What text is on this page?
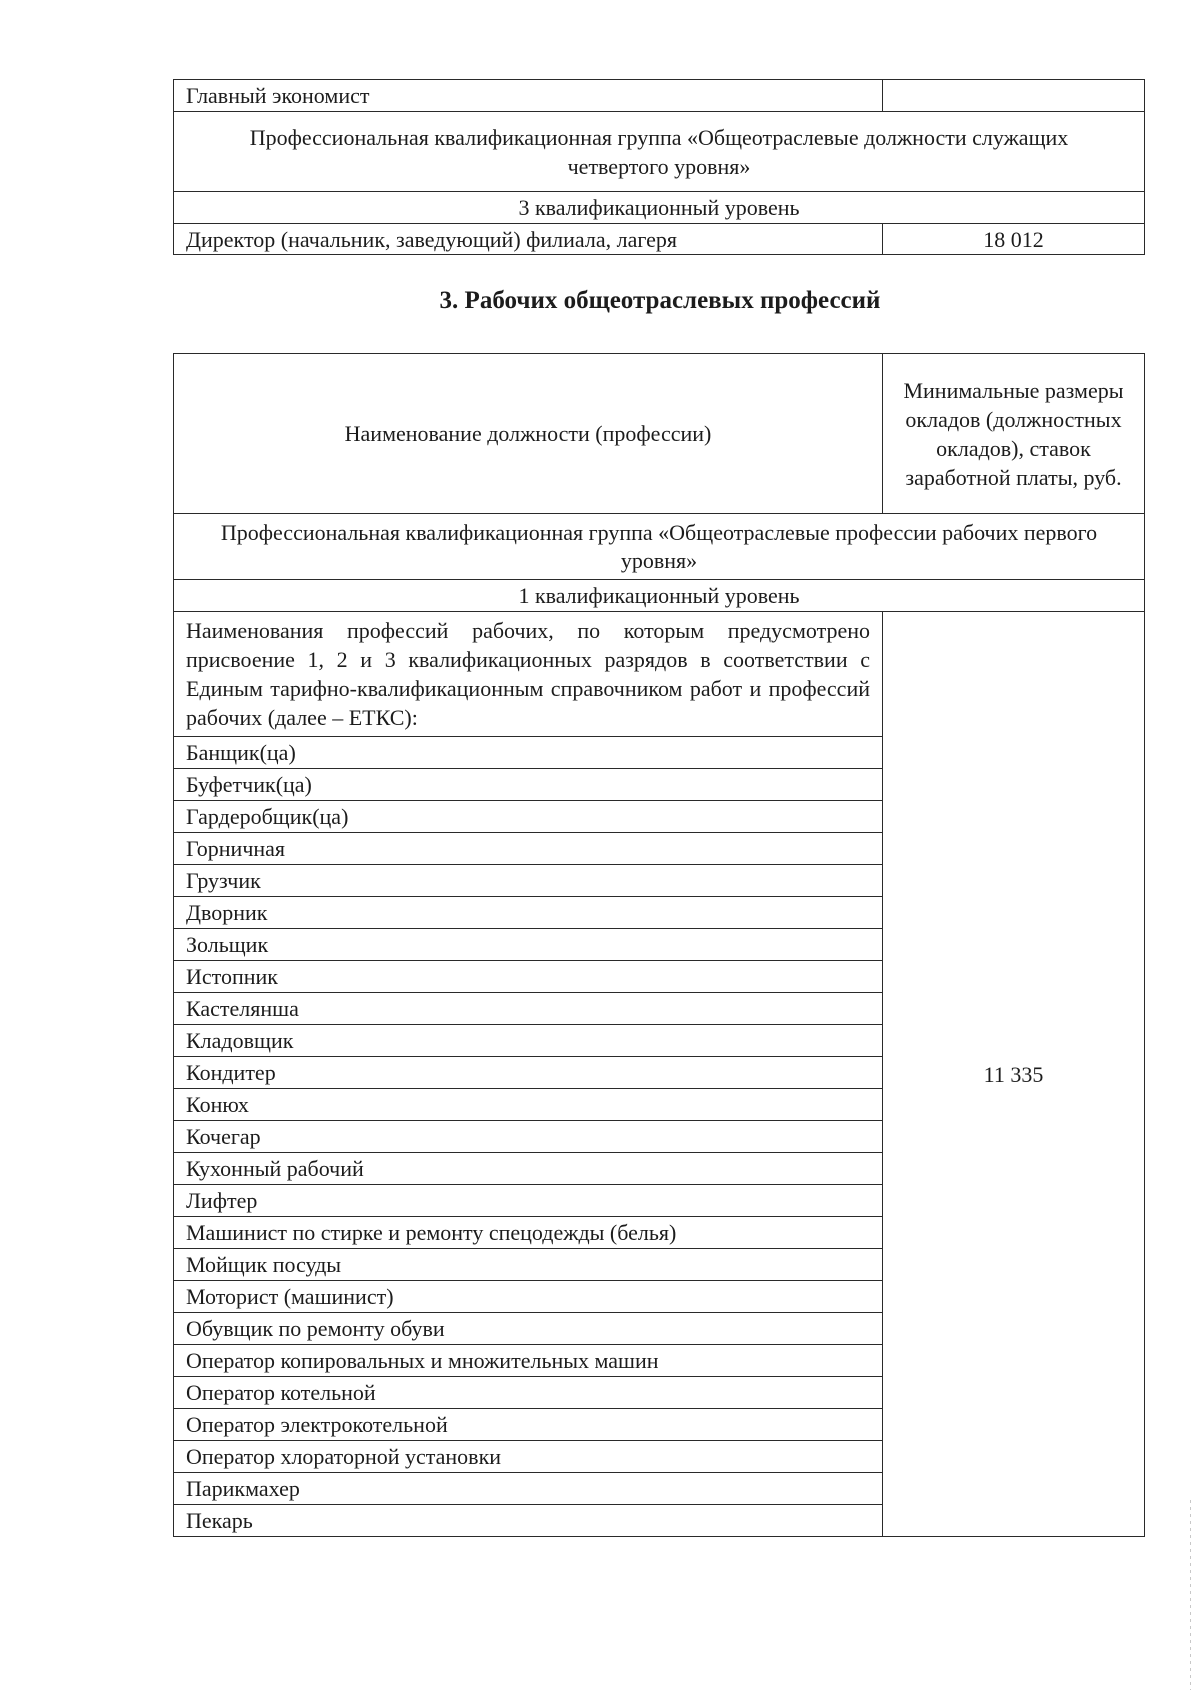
Главный экономист	
Профессиональная квалификационная группа «Общеотраслевые должности служащих четвертого уровня»	
3 квалификационный уровень	
Директор (начальник, заведующий) филиала, лагеря	18 012
3. Рабочих общеотраслевых профессий
Наименование должности (профессии)	Минимальные размеры окладов (должностных окладов), ставок заработной платы, руб.
Профессиональная квалификационная группа «Общеотраслевые профессии рабочих первого уровня»	
1 квалификационный уровень	
Наименования профессий рабочих, по которым предусмотрено присвоение 1, 2 и 3 квалификационных разрядов в соответствии с Единым тарифно-квалификационным справочником работ и профессий рабочих (далее – ЕТКС):	11 335
Банщик(ца)	
Буфетчик(ца)	
Гардеробщик(ца)	
Горничная	
Грузчик	
Дворник	
Зольщик	
Истопник	
Кастелянша	
Кладовщик	
Кондитер	
Конюх	
Кочегар	
Кухонный рабочий	
Лифтер	
Машинист по стирке и ремонту спецодежды (белья)	
Мойщик посуды	
Моторист (машинист)	
Обувщик по ремонту обуви	
Оператор копировальных и множительных машин	
Оператор котельной	
Оператор электрокотельной	
Оператор хлораторной установки	
Парикмахер	
Пекарь	
